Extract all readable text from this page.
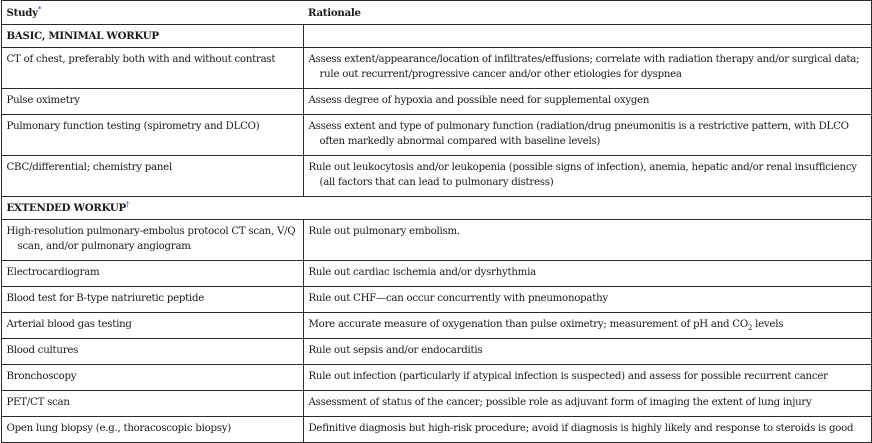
Study*	Rationale
BASIC, MINIMAL WORKUP	
CT of chest, preferably both with and without contrast	Assess extent/appearance/location of infiltrates/effusions; correlate with radiation therapy and/or surgical data; rule out recurrent/progressive cancer and/or other etiologies for dyspnea
Pulse oximetry	Assess degree of hypoxia and possible need for supplemental oxygen
Pulmonary function testing (spirometry and DLCO)	Assess extent and type of pulmonary function (radiation/drug pneumonitis is a restrictive pattern, with DLCO often markedly abnormal compared with baseline levels)
CBC/differential; chemistry panel	Rule out leukocytosis and/or leukopenia (possible signs of infection), anemia, hepatic and/or renal insufficiency (all factors that can lead to pulmonary distress)
EXTENDED WORKUP†
High-resolution pulmonary-embolus protocol CT scan, V/Q scan, and/or pulmonary angiogram	Rule out pulmonary embolism.
Electrocardiogram	Rule out cardiac ischemia and/or dysrhythmia
Blood test for B-type natriuretic peptide	Rule out CHF—can occur concurrently with pneumonopathy
Arterial blood gas testing	More accurate measure of oxygenation than pulse oximetry; measurement of pH and $CO_2$ levels
Blood cultures	Rule out sepsis and/or endocarditis
Bronchoscopy	Rule out infection (particularly if atypical infection is suspected) and assess for possible recurrent cancer
PET/CT scan	Assessment of status of the cancer; possible role as adjuvant form of imaging the extent of lung injury
Open lung biopsy (e.g., thoracoscopic biopsy)	Definitive diagnosis but high-risk procedure; avoid if diagnosis is highly likely and response to steroids is good
